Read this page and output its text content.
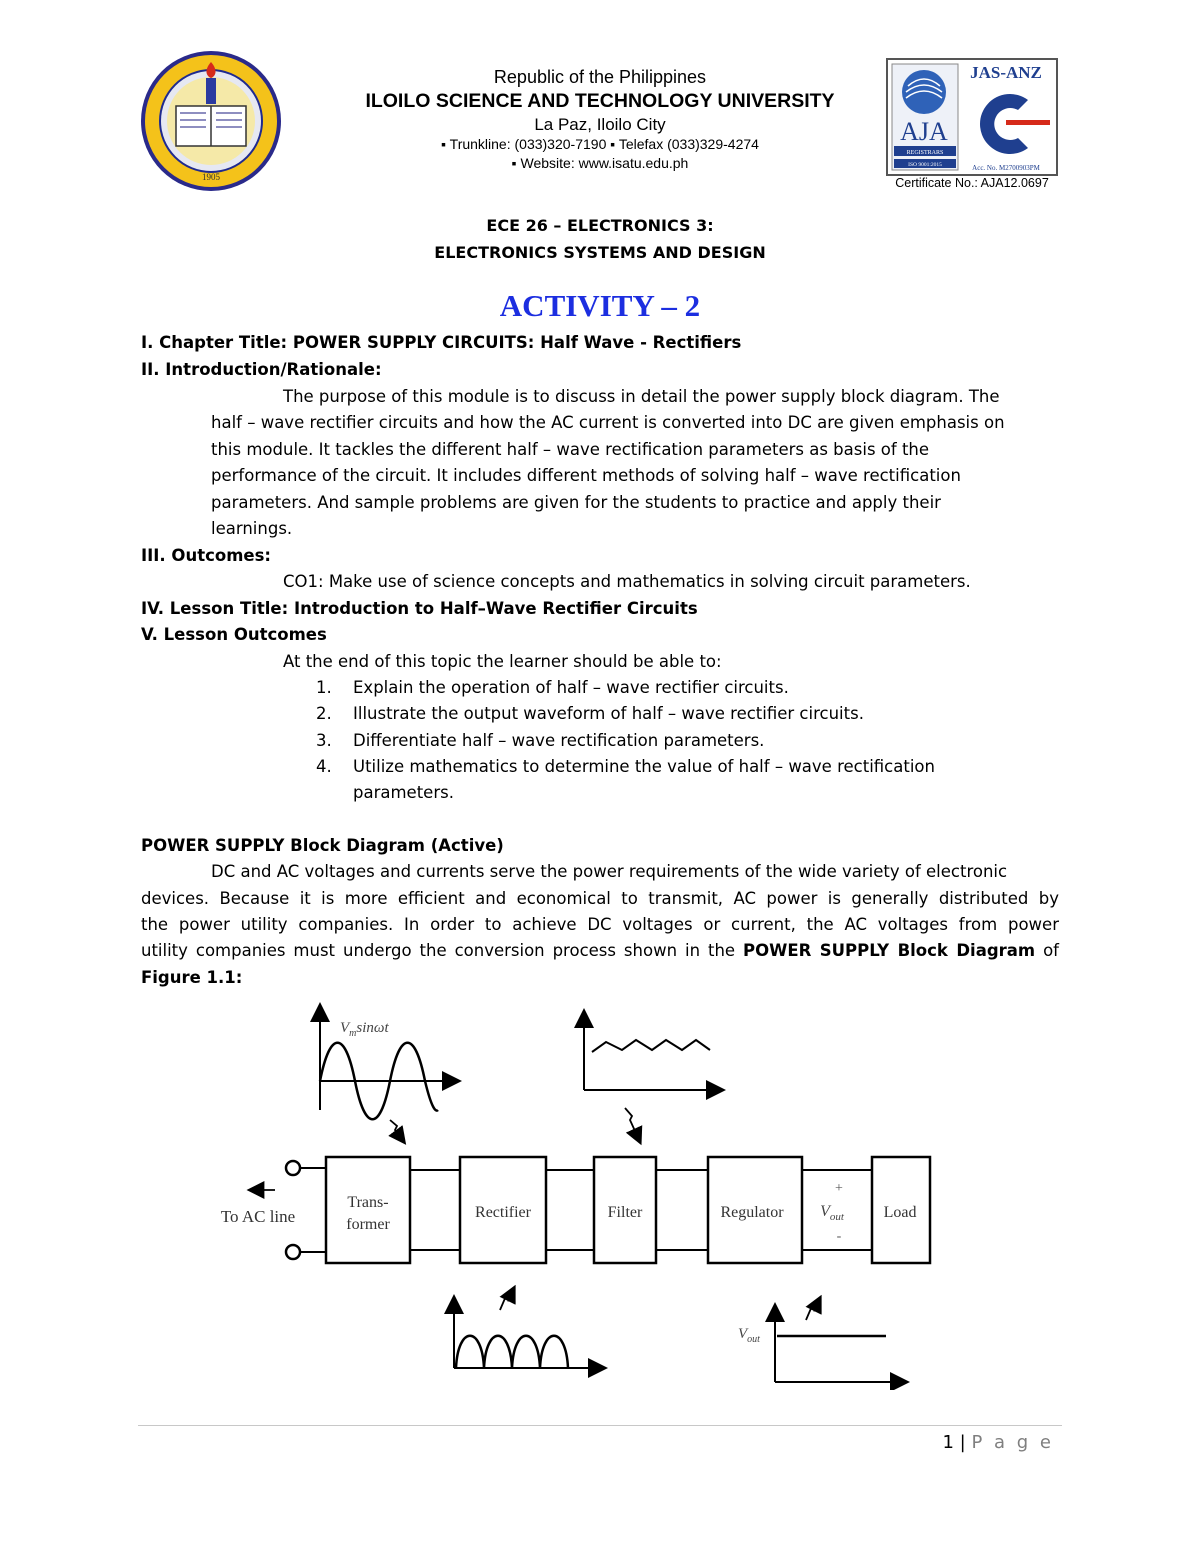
1905
Republic of the Philippines
ILOILO SCIENCE AND TECHNOLOGY UNIVERSITY
La Paz, Iloilo City
▪ Trunkline: (033)320-7190 ▪ Telefax (033)329-4274
▪ Website: www.isatu.edu.ph
AJA
REGISTRARS
ISO 9001:2015
JAS-ANZ
Acc. No. M2700903PM
Certificate No.: AJA12.0697
ECE 26 – ELECTRONICS 3:
ELECTRONICS SYSTEMS AND DESIGN
ACTIVITY – 2
I. Chapter Title: POWER SUPPLY CIRCUITS: Half Wave - Rectifiers
II. Introduction/Rationale:
The purpose of this module is to discuss in detail the power supply block diagram. The
half – wave rectifier circuits and how the AC current is converted into DC are given emphasis on
this module. It tackles the different half – wave rectification parameters as basis of the
performance of the circuit. It includes different methods of solving half – wave rectification
parameters. And sample problems are given for the students to practice and apply their
learnings.
III. Outcomes:
CO1: Make use of science concepts and mathematics in solving circuit parameters.
IV. Lesson Title: Introduction to Half–Wave Rectifier Circuits
V. Lesson Outcomes
At the end of this topic the learner should be able to:
1. Explain the operation of half – wave rectifier circuits.
2. Illustrate the output waveform of half – wave rectifier circuits.
3. Differentiate half – wave rectification parameters.
4. Utilize mathematics to determine the value of half – wave rectification
parameters.
POWER SUPPLY Block Diagram (Active)
DC and AC voltages and currents serve the power requirements of the wide variety of electronic
devices. Because it is more efficient and economical to transmit, AC power is generally distributed by
the power utility companies. In order to achieve DC voltages or current, the AC voltages from power
utility companies must undergo the conversion process shown in the POWER SUPPLY Block Diagram of
Figure 1.1:
$V_m\sin\omega t$
To AC line
Trans-
former
Rectifier	Filter	Regulator
+
$V_{out}$
-
Load
$V_{out}$
1 | P a g e
